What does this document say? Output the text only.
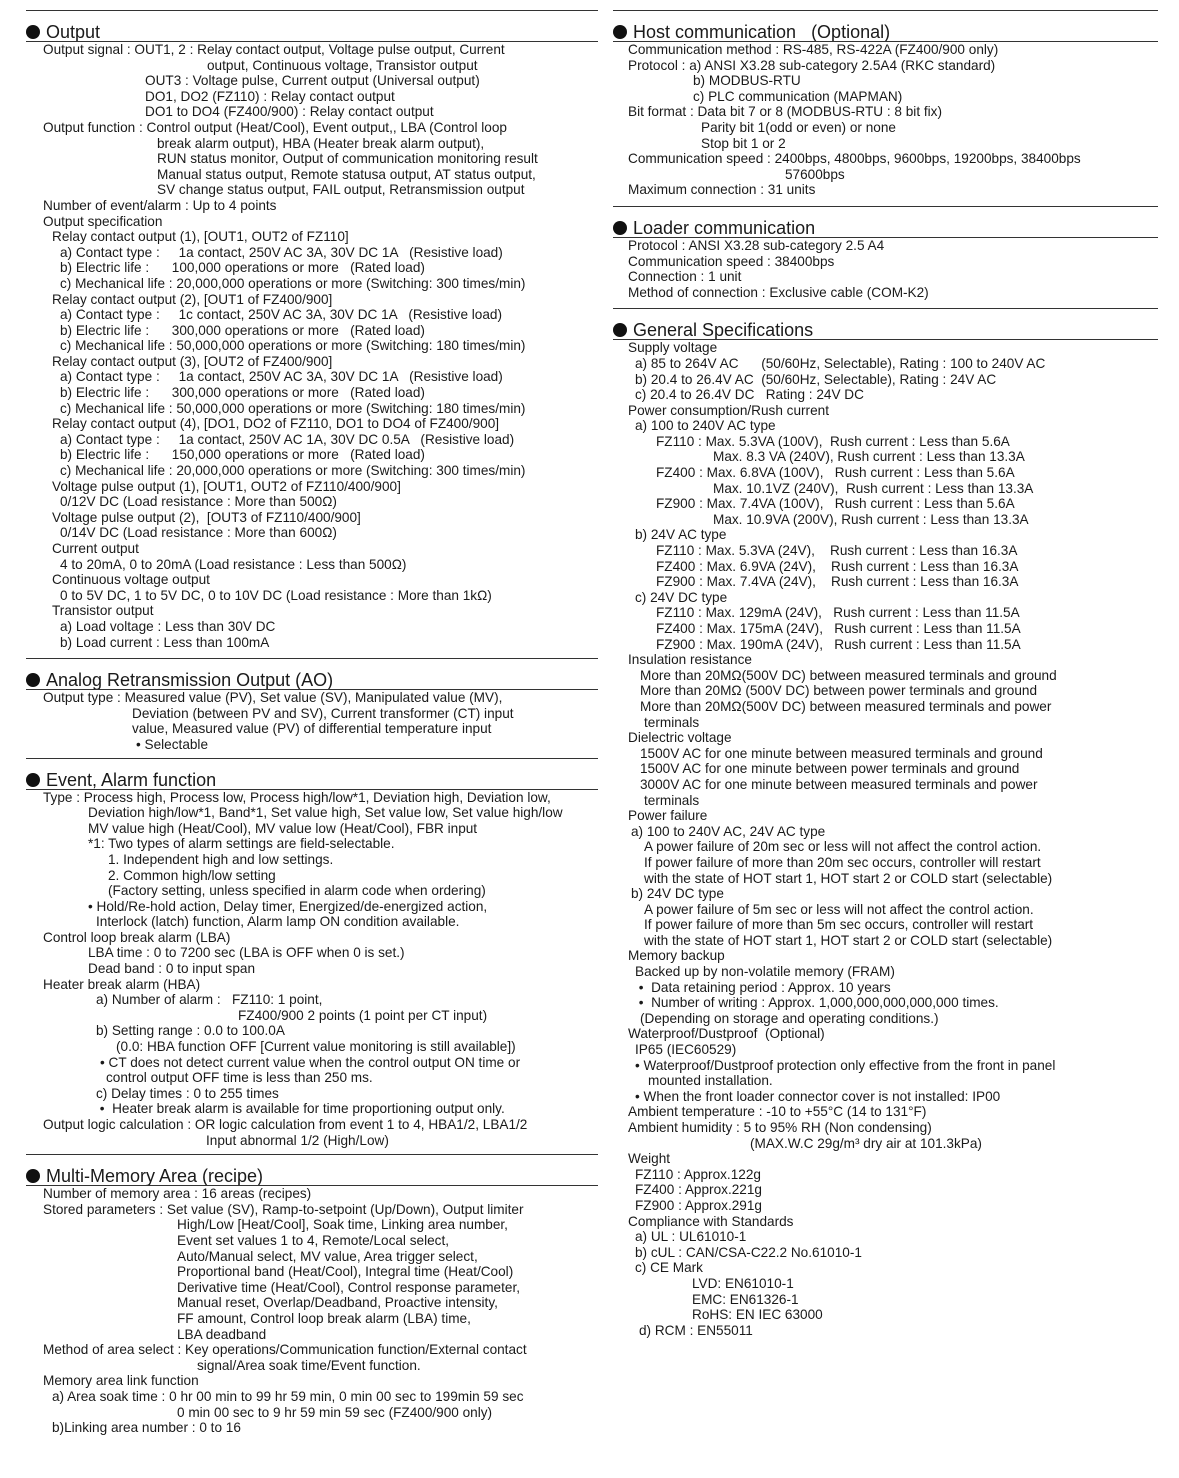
Output
Output signal : OUT1, 2 : Relay contact output, Voltage pulse output, Current
output, Continuous voltage, Transistor output
OUT3 : Voltage pulse, Current output (Universal output)
DO1, DO2 (FZ110) : Relay contact output
DO1 to DO4 (FZ400/900) : Relay contact output
Output function : Control output (Heat/Cool), Event output,, LBA (Control loop
break alarm output), HBA (Heater break alarm output),
RUN status monitor, Output of communication monitoring result
Manual status output, Remote statusa output, AT status output,
SV change status output, FAIL output, Retransmission output
Number of event/alarm : Up to 4 points
Output specification
Relay contact output (1), [OUT1, OUT2 of FZ110]
a) Contact type :     1a contact, 250V AC 3A, 30V DC 1A   (Resistive load)
b) Electric life :      100,000 operations or more   (Rated load)
c) Mechanical life : 20,000,000 operations or more (Switching: 300 times/min)
Relay contact output (2), [OUT1 of FZ400/900]
a) Contact type :     1c contact, 250V AC 3A, 30V DC 1A   (Resistive load)
b) Electric life :      300,000 operations or more   (Rated load)
c) Mechanical life : 50,000,000 operations or more (Switching: 180 times/min)
Relay contact output (3), [OUT2 of FZ400/900]
a) Contact type :     1a contact, 250V AC 3A, 30V DC 1A   (Resistive load)
b) Electric life :      300,000 operations or more   (Rated load)
c) Mechanical life : 50,000,000 operations or more (Switching: 180 times/min)
Relay contact output (4), [DO1, DO2 of FZ110, DO1 to DO4 of FZ400/900]
a) Contact type :     1a contact, 250V AC 1A, 30V DC 0.5A   (Resistive load)
b) Electric life :      150,000 operations or more   (Rated load)
c) Mechanical life : 20,000,000 operations or more (Switching: 300 times/min)
Voltage pulse output (1), [OUT1, OUT2 of FZ110/400/900]
0/12V DC (Load resistance : More than 500Ω)
Voltage pulse output (2),  [OUT3 of FZ110/400/900]
0/14V DC (Load resistance : More than 600Ω)
Current output
4 to 20mA, 0 to 20mA (Load resistance : Less than 500Ω)
Continuous voltage output
0 to 5V DC, 1 to 5V DC, 0 to 10V DC (Load resistance : More than 1kΩ)
Transistor output
a) Load voltage : Less than 30V DC
b) Load current : Less than 100mA
Analog Retransmission Output (AO)
Output type : Measured value (PV), Set value (SV), Manipulated value (MV),
Deviation (between PV and SV), Current transformer (CT) input
value, Measured value (PV) of differential temperature input
• Selectable
Event, Alarm function
Type : Process high, Process low, Process high/low*1, Deviation high, Deviation low,
Deviation high/low*1, Band*1, Set value high, Set value low, Set value high/low
MV value high (Heat/Cool), MV value low (Heat/Cool), FBR input
*1: Two types of alarm settings are field-selectable.
1. Independent high and low settings.
2. Common high/low setting
(Factory setting, unless specified in alarm code when ordering)
• Hold/Re-hold action, Delay timer, Energized/de-energized action,
Interlock (latch) function, Alarm lamp ON condition available.
Control loop break alarm (LBA)
LBA time : 0 to 7200 sec (LBA is OFF when 0 is set.)
Dead band : 0 to input span
Heater break alarm (HBA)
a) Number of alarm :   FZ110: 1 point,
FZ400/900 2 points (1 point per CT input)
b) Setting range : 0.0 to 100.0A
(0.0: HBA function OFF [Current value monitoring is still available])
• CT does not detect current value when the control output ON time or
control output OFF time is less than 250 ms.
c) Delay times : 0 to 255 times
•  Heater break alarm is available for time proportioning output only.
Output logic calculation : OR logic calculation from event 1 to 4, HBA1/2, LBA1/2
Input abnormal 1/2 (High/Low)
Multi-Memory Area (recipe)
Number of memory area : 16 areas (recipes)
Stored parameters : Set value (SV), Ramp-to-setpoint (Up/Down), Output limiter
High/Low [Heat/Cool], Soak time, Linking area number,
Event set values 1 to 4, Remote/Local select,
Auto/Manual select, MV value, Area trigger select,
Proportional band (Heat/Cool), Integral time (Heat/Cool)
Derivative time (Heat/Cool), Control response parameter,
Manual reset, Overlap/Deadband, Proactive intensity,
FF amount, Control loop break alarm (LBA) time,
LBA deadband
Method of area select : Key operations/Communication function/External contact
signal/Area soak time/Event function.
Memory area link function
a) Area soak time : 0 hr 00 min to 99 hr 59 min, 0 min 00 sec to 199min 59 sec
0 min 00 sec to 9 hr 59 min 59 sec (FZ400/900 only)
b)Linking area number : 0 to 16
Host communication   (Optional)
Communication method : RS-485, RS-422A (FZ400/900 only)
Protocol : a) ANSI X3.28 sub-category 2.5A4 (RKC standard)
b) MODBUS-RTU
c) PLC communication (MAPMAN)
Bit format : Data bit 7 or 8 (MODBUS-RTU : 8 bit fix)
Parity bit 1(odd or even) or none
Stop bit 1 or 2
Communication speed : 2400bps, 4800bps, 9600bps, 19200bps, 38400bps
57600bps
Maximum connection : 31 units
Loader communication
Protocol : ANSI X3.28 sub-category 2.5 A4
Communication speed : 38400bps
Connection : 1 unit
Method of connection : Exclusive cable (COM-K2)
General Specifications
Supply voltage
a) 85 to 264V AC      (50/60Hz, Selectable), Rating : 100 to 240V AC
b) 20.4 to 26.4V AC  (50/60Hz, Selectable), Rating : 24V AC
c) 20.4 to 26.4V DC   Rating : 24V DC
Power consumption/Rush current
a) 100 to 240V AC type
FZ110 : Max. 5.3VA (100V),  Rush current : Less than 5.6A
Max. 8.3 VA (240V), Rush current : Less than 13.3A
FZ400 : Max. 6.8VA (100V),   Rush current : Less than 5.6A
Max. 10.1VZ (240V),  Rush current : Less than 13.3A
FZ900 : Max. 7.4VA (100V),   Rush current : Less than 5.6A
Max. 10.9VA (200V), Rush current : Less than 13.3A
b) 24V AC type
FZ110 : Max. 5.3VA (24V),    Rush current : Less than 16.3A
FZ400 : Max. 6.9VA (24V),    Rush current : Less than 16.3A
FZ900 : Max. 7.4VA (24V),    Rush current : Less than 16.3A
c) 24V DC type
FZ110 : Max. 129mA (24V),   Rush current : Less than 11.5A
FZ400 : Max. 175mA (24V),   Rush current : Less than 11.5A
FZ900 : Max. 190mA (24V),   Rush current : Less than 11.5A
Insulation resistance
More than 20MΩ(500V DC) between measured terminals and ground
More than 20MΩ (500V DC) between power terminals and ground
More than 20MΩ(500V DC) between measured terminals and power
terminals
Dielectric voltage
1500V AC for one minute between measured terminals and ground
1500V AC for one minute between power terminals and ground
3000V AC for one minute between measured terminals and power
terminals
Power failure
a) 100 to 240V AC, 24V AC type
A power failure of 20m sec or less will not affect the control action.
If power failure of more than 20m sec occurs, controller will restart
with the state of HOT start 1, HOT start 2 or COLD start (selectable)
b) 24V DC type
A power failure of 5m sec or less will not affect the control action.
If power failure of more than 5m sec occurs, controller will restart
with the state of HOT start 1, HOT start 2 or COLD start (selectable)
Memory backup
Backed up by non-volatile memory (FRAM)
•  Data retaining period : Approx. 10 years
•  Number of writing : Approx. 1,000,000,000,000,000 times.
(Depending on storage and operating conditions.)
Waterproof/Dustproof  (Optional)
IP65 (IEC60529)
• Waterproof/Dustproof protection only effective from the front in panel
mounted installation.
• When the front loader connector cover is not installed: IP00
Ambient temperature : -10 to +55°C (14 to 131°F)
Ambient humidity : 5 to 95% RH (Non condensing)
(MAX.W.C 29g/m³ dry air at 101.3kPa)
Weight
FZ110 : Approx.122g
FZ400 : Approx.221g
FZ900 : Approx.291g
Compliance with Standards
a) UL : UL61010-1
b) cUL : CAN/CSA-C22.2 No.61010-1
c) CE Mark
LVD: EN61010-1
EMC: EN61326-1
RoHS: EN IEC 63000
d) RCM : EN55011
